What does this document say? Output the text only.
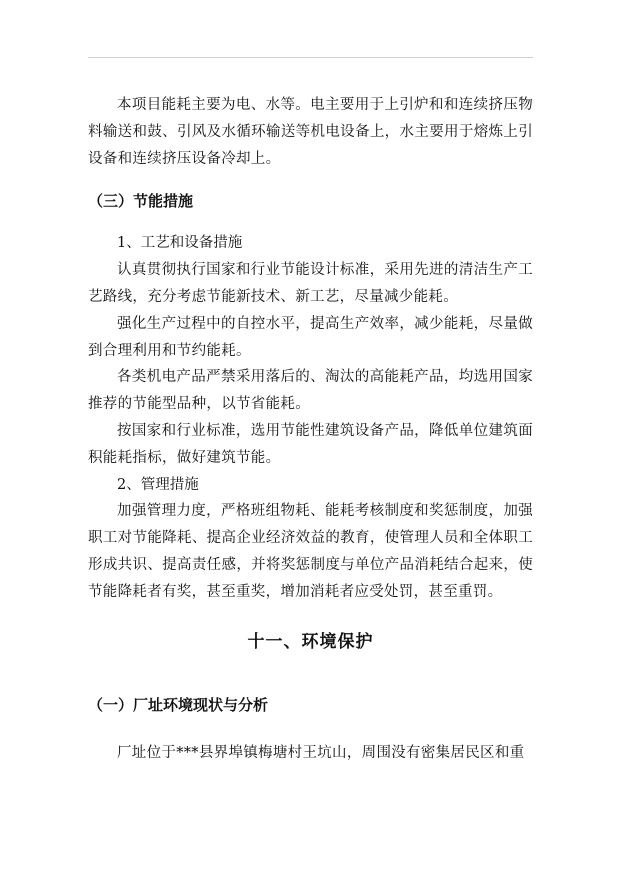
本项目能耗主要为电、水等。电主要用于上引炉和和连续挤压物料输送和鼓、引风及水循环输送等机电设备上，水主要用于熔炼上引设备和连续挤压设备冷却上。

（三）节能措施

1、工艺和设备措施

认真贯彻执行国家和行业节能设计标准，采用先进的清洁生产工艺路线，充分考虑节能新技术、新工艺，尽量减少能耗。

强化生产过程中的自控水平，提高生产效率，减少能耗，尽量做到合理利用和节约能耗。

各类机电产品严禁采用落后的、淘汰的高能耗产品，均选用国家推荐的节能型品种，以节省能耗。

按国家和行业标准，选用节能性建筑设备产品，降低单位建筑面积能耗指标，做好建筑节能。

2、管理措施

加强管理力度，严格班组物耗、能耗考核制度和奖惩制度，加强职工对节能降耗、提高企业经济效益的教育，使管理人员和全体职工形成共识、提高责任感，并将奖惩制度与单位产品消耗结合起来，使节能降耗者有奖，甚至重奖，增加消耗者应受处罚，甚至重罚。

十一、环境保护
（一）厂址环境现状与分析

厂址位于***县界埠镇梅塘村王坑山，周围没有密集居民区和重
